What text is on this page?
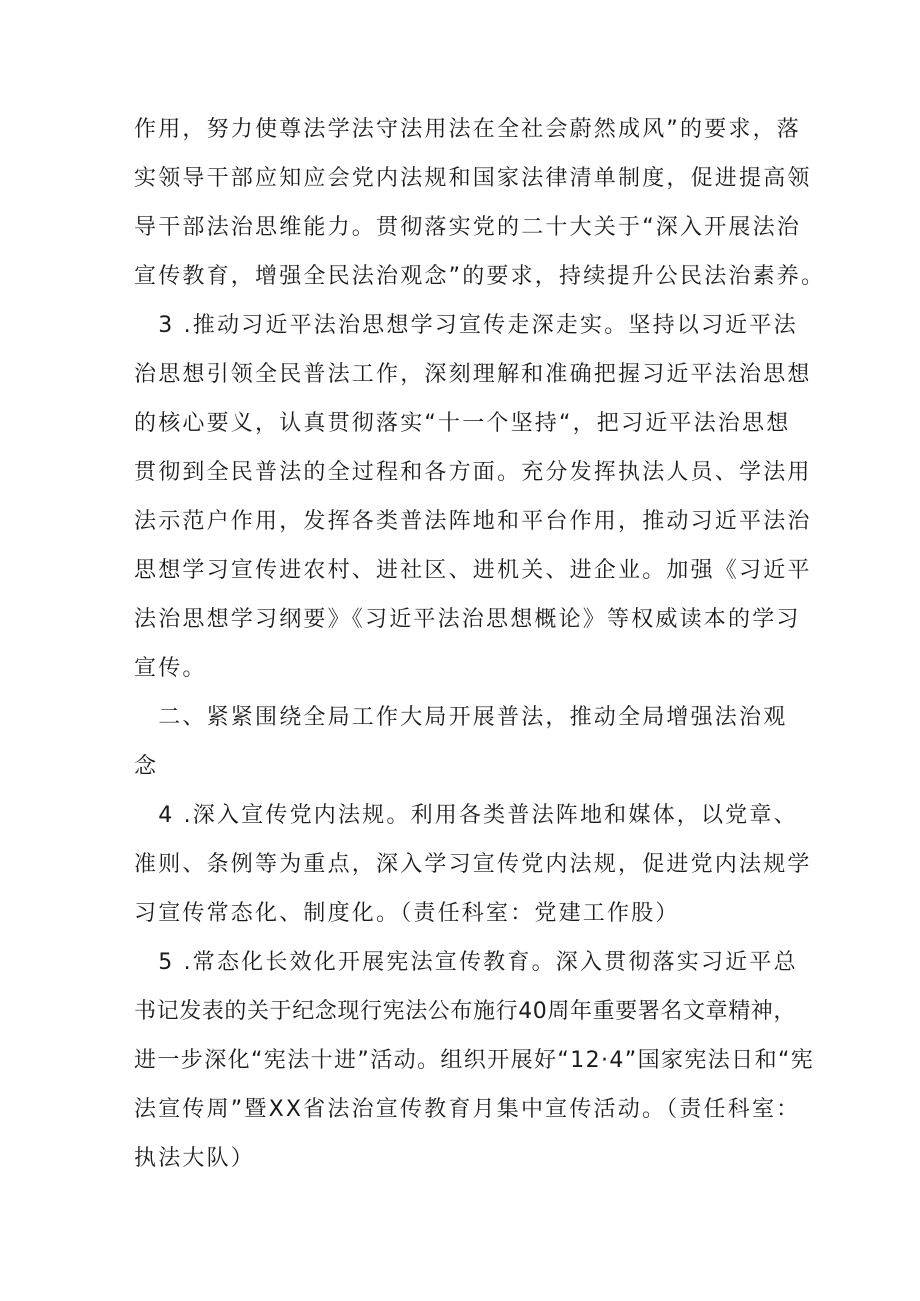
作用，努力使尊法学法守法用法在全社会蔚然成风”的要求，落
实领导干部应知应会党内法规和国家法律清单制度，促进提高领
导干部法治思维能力。贯彻落实党的二十大关于“深入开展法治
宣传教育，增强全民法治观念”的要求，持续提升公民法治素养。
　3 .推动习近平法治思想学习宣传走深走实。坚持以习近平法
治思想引领全民普法工作，深刻理解和准确把握习近平法治思想
的核心要义，认真贯彻落实“十一个坚持“，把习近平法治思想
贯彻到全民普法的全过程和各方面。充分发挥执法人员、学法用
法示范户作用，发挥各类普法阵地和平台作用，推动习近平法治
思想学习宣传进农村、进社区、进机关、进企业。加强《习近平
法治思想学习纲要》《习近平法治思想概论》等权威读本的学习
宣传。
　二、紧紧围绕全局工作大局开展普法，推动全局增强法治观
念
　4 .深入宣传党内法规。利用各类普法阵地和媒体，以党章、
准则、条例等为重点，深入学习宣传党内法规，促进党内法规学
习宣传常态化、制度化。（责任科室：党建工作股）
　5 .常态化长效化开展宪法宣传教育。深入贯彻落实习近平总
书记发表的关于纪念现行宪法公布施行40周年重要署名文章精神，
进一步深化“宪法十进”活动。组织开展好“12·4”国家宪法日和“宪
法宣传周”暨XX省法治宣传教育月集中宣传活动。（责任科室：
执法大队）
